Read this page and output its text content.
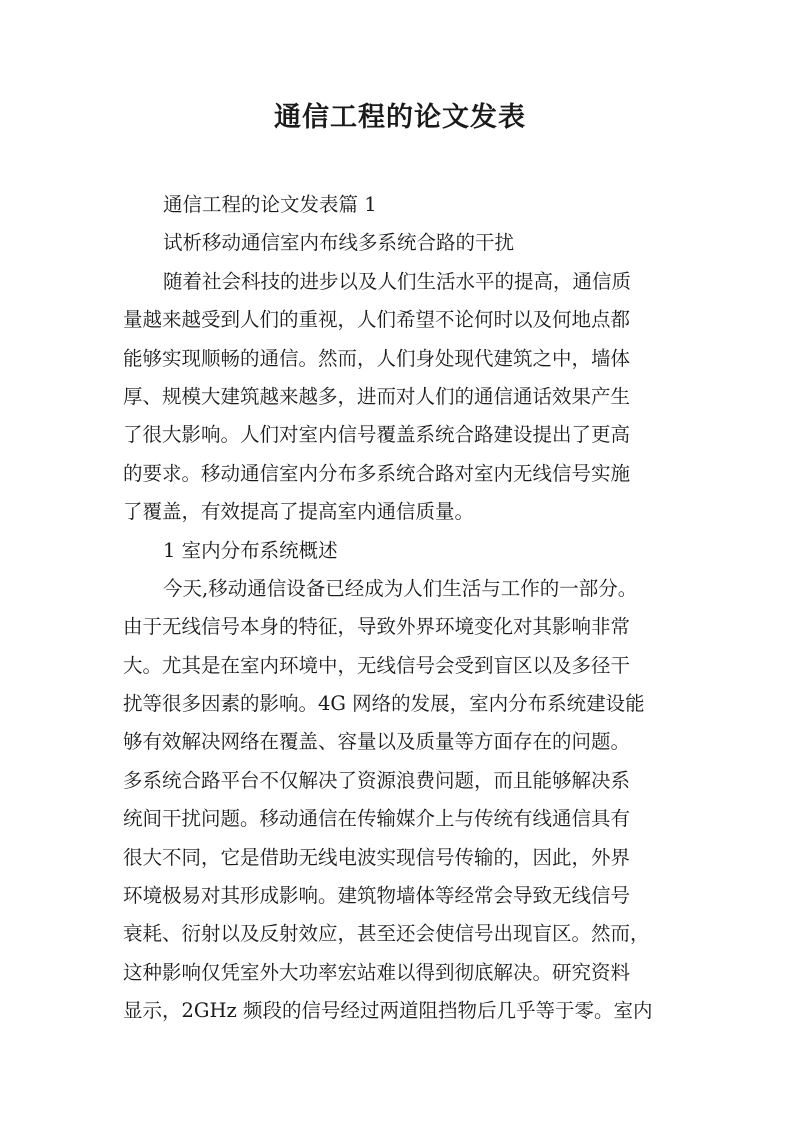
通信工程的论文发表
通信工程的论文发表篇 1
试析移动通信室内布线多系统合路的干扰
随着社会科技的进步以及人们生活水平的提高，通信质
量越来越受到人们的重视，人们希望不论何时以及何地点都
能够实现顺畅的通信。然而，人们身处现代建筑之中，墙体
厚、规模大建筑越来越多，进而对人们的通信通话效果产生
了很大影响。人们对室内信号覆盖系统合路建设提出了更高
的要求。移动通信室内分布多系统合路对室内无线信号实施
了覆盖，有效提高了提高室内通信质量。
1 室内分布系统概述
今天,移动通信设备已经成为人们生活与工作的一部分。
由于无线信号本身的特征，导致外界环境变化对其影响非常
大。尤其是在室内环境中，无线信号会受到盲区以及多径干
扰等很多因素的影响。4G 网络的发展，室内分布系统建设能
够有效解决网络在覆盖、容量以及质量等方面存在的问题。
多系统合路平台不仅解决了资源浪费问题，而且能够解决系
统间干扰问题。移动通信在传输媒介上与传统有线通信具有
很大不同，它是借助无线电波实现信号传输的，因此，外界
环境极易对其形成影响。建筑物墙体等经常会导致无线信号
衰耗、衍射以及反射效应，甚至还会使信号出现盲区。然而，
这种影响仅凭室外大功率宏站难以得到彻底解决。研究资料
显示，2GHz 频段的信号经过两道阻挡物后几乎等于零。室内
